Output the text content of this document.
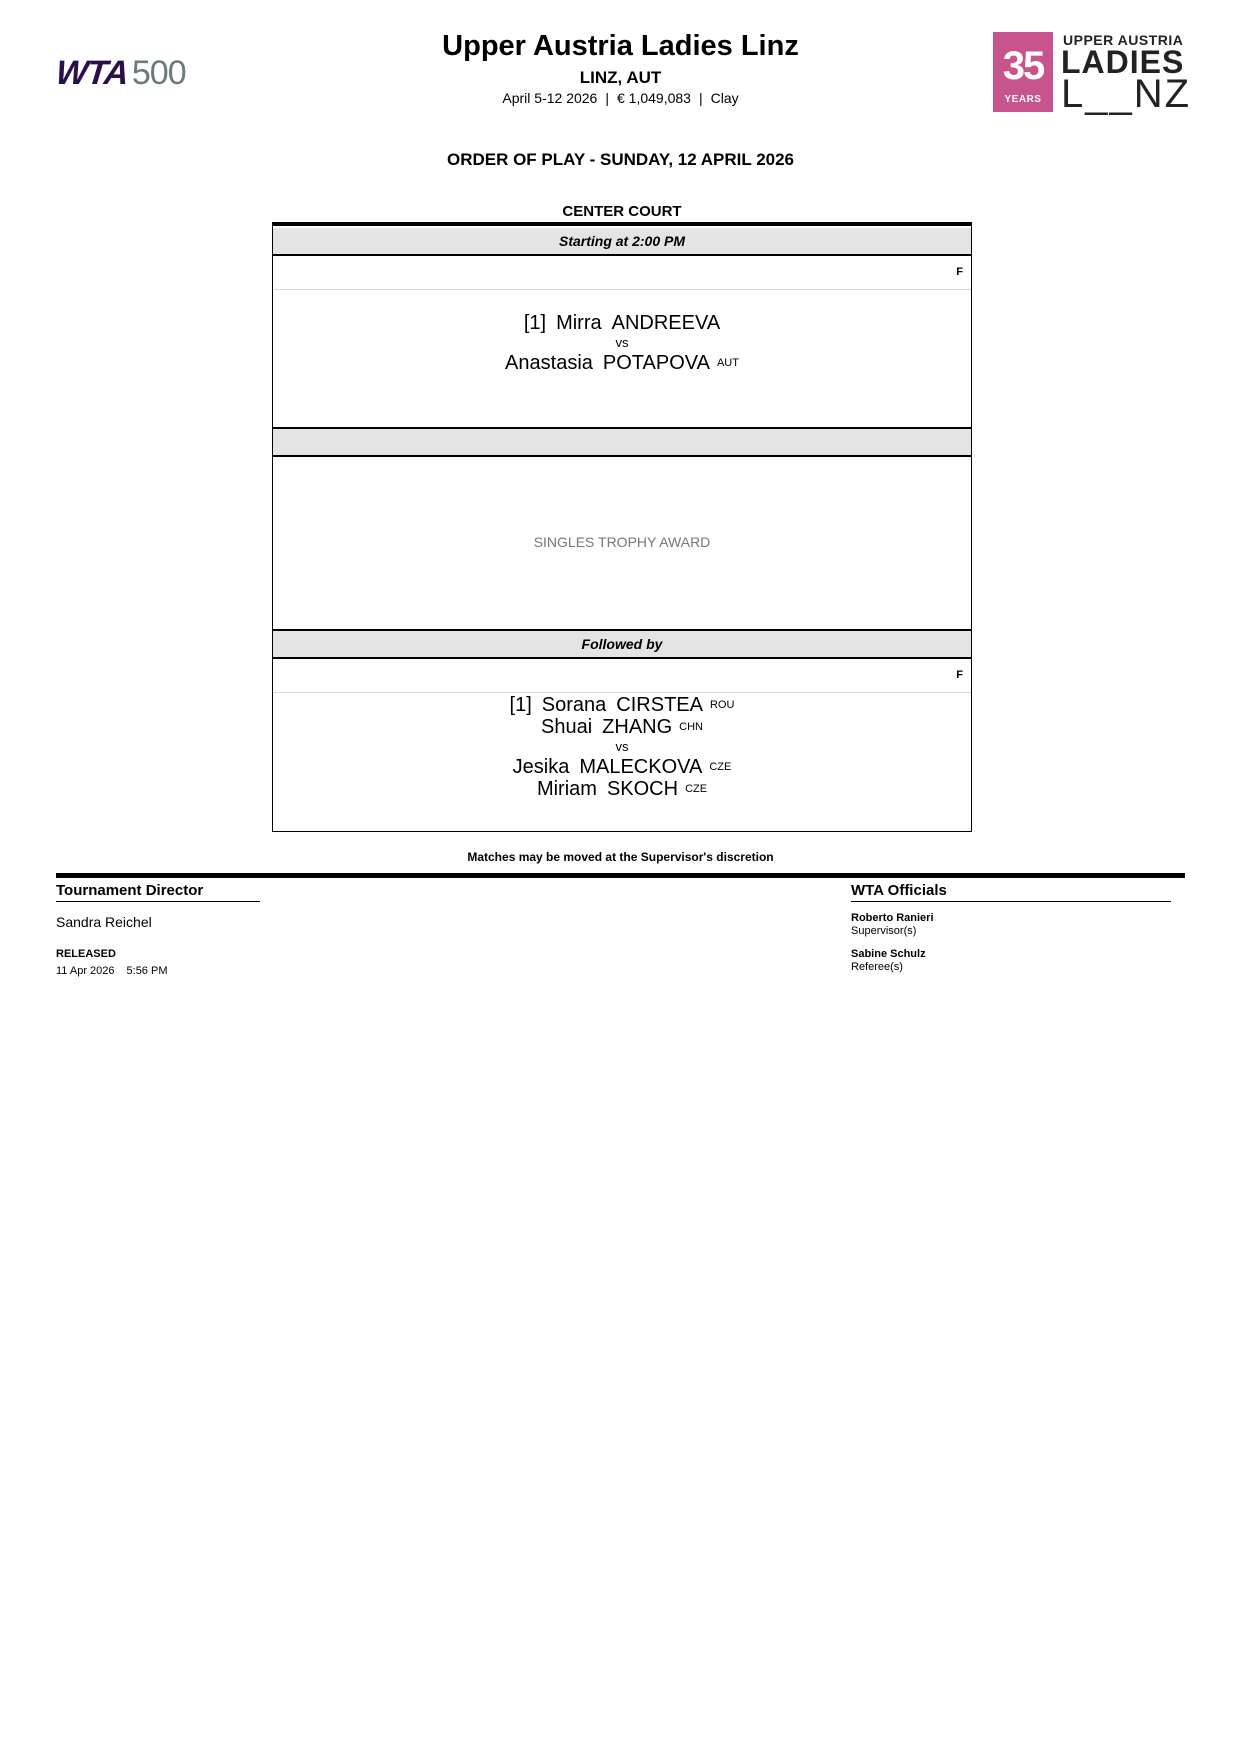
WTA 500
Upper Austria Ladies Linz
LINZ, AUT
April 5-12 2026 | € 1,049,083 | Clay
35
YEARS
UPPER AUSTRIA
LADIES
L__NZ
ORDER OF PLAY - SUNDAY, 12 APRIL 2026
CENTER COURT
Starting at 2:00 PM
F
[1] Mirra ANDREEVA
vs
Anastasia POTAPOVA AUT
SINGLES TROPHY AWARD
Followed by
F
[1] Sorana CIRSTEA ROU
Shuai ZHANG CHN
vs
Jesika MALECKOVA CZE
Miriam SKOCH CZE
Matches may be moved at the Supervisor's discretion
Tournament Director
Sandra Reichel
RELEASED
11 Apr 2026 5:56 PM
WTA Officials
Roberto Ranieri
Supervisor(s)
Sabine Schulz
Referee(s)
